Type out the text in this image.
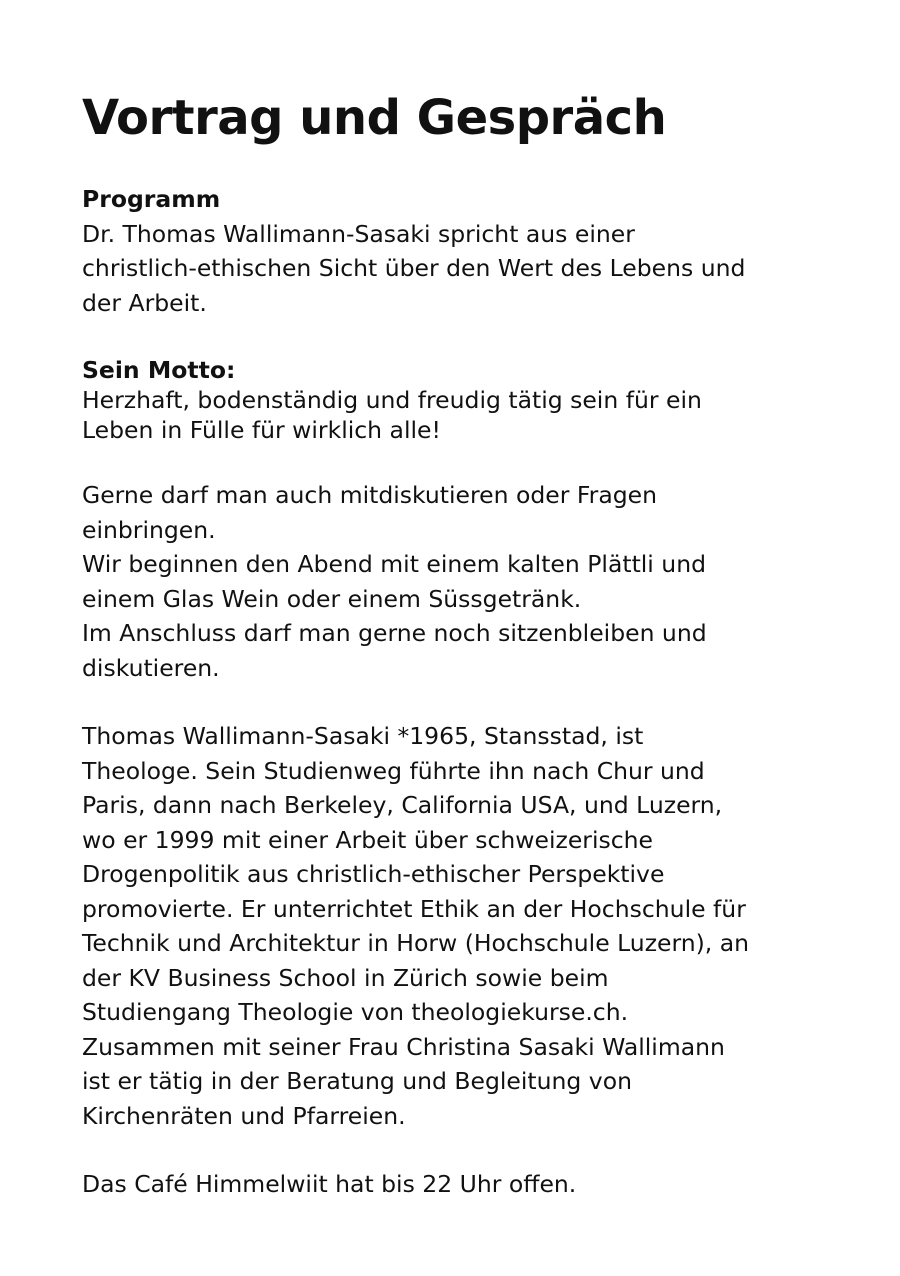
Vortrag und Gespräch
Programm
Dr. Thomas Wallimann-Sasaki spricht aus einer
christlich-ethischen Sicht über den Wert des Lebens und
der Arbeit.
Sein Motto:
Herzhaft, bodenständig und freudig tätig sein für ein
Leben in Fülle für wirklich alle!
Gerne darf man auch mitdiskutieren oder Fragen
einbringen.
Wir beginnen den Abend mit einem kalten Plättli und
einem Glas Wein oder einem Süssgetränk.
Im Anschluss darf man gerne noch sitzenbleiben und
diskutieren.
Thomas Wallimann-Sasaki *1965, Stansstad, ist
Theologe. Sein Studienweg führte ihn nach Chur und
Paris, dann nach Berkeley, California USA, und Luzern,
wo er 1999 mit einer Arbeit über schweizerische
Drogenpolitik aus christlich-ethischer Perspektive
promovierte. Er unterrichtet Ethik an der Hochschule für
Technik und Architektur in Horw (Hochschule Luzern), an
der KV Business School in Zürich sowie beim
Studiengang Theologie von theologiekurse.ch.
Zusammen mit seiner Frau Christina Sasaki Wallimann
ist er tätig in der Beratung und Begleitung von
Kirchenräten und Pfarreien.
Das Café Himmelwiit hat bis 22 Uhr offen.
